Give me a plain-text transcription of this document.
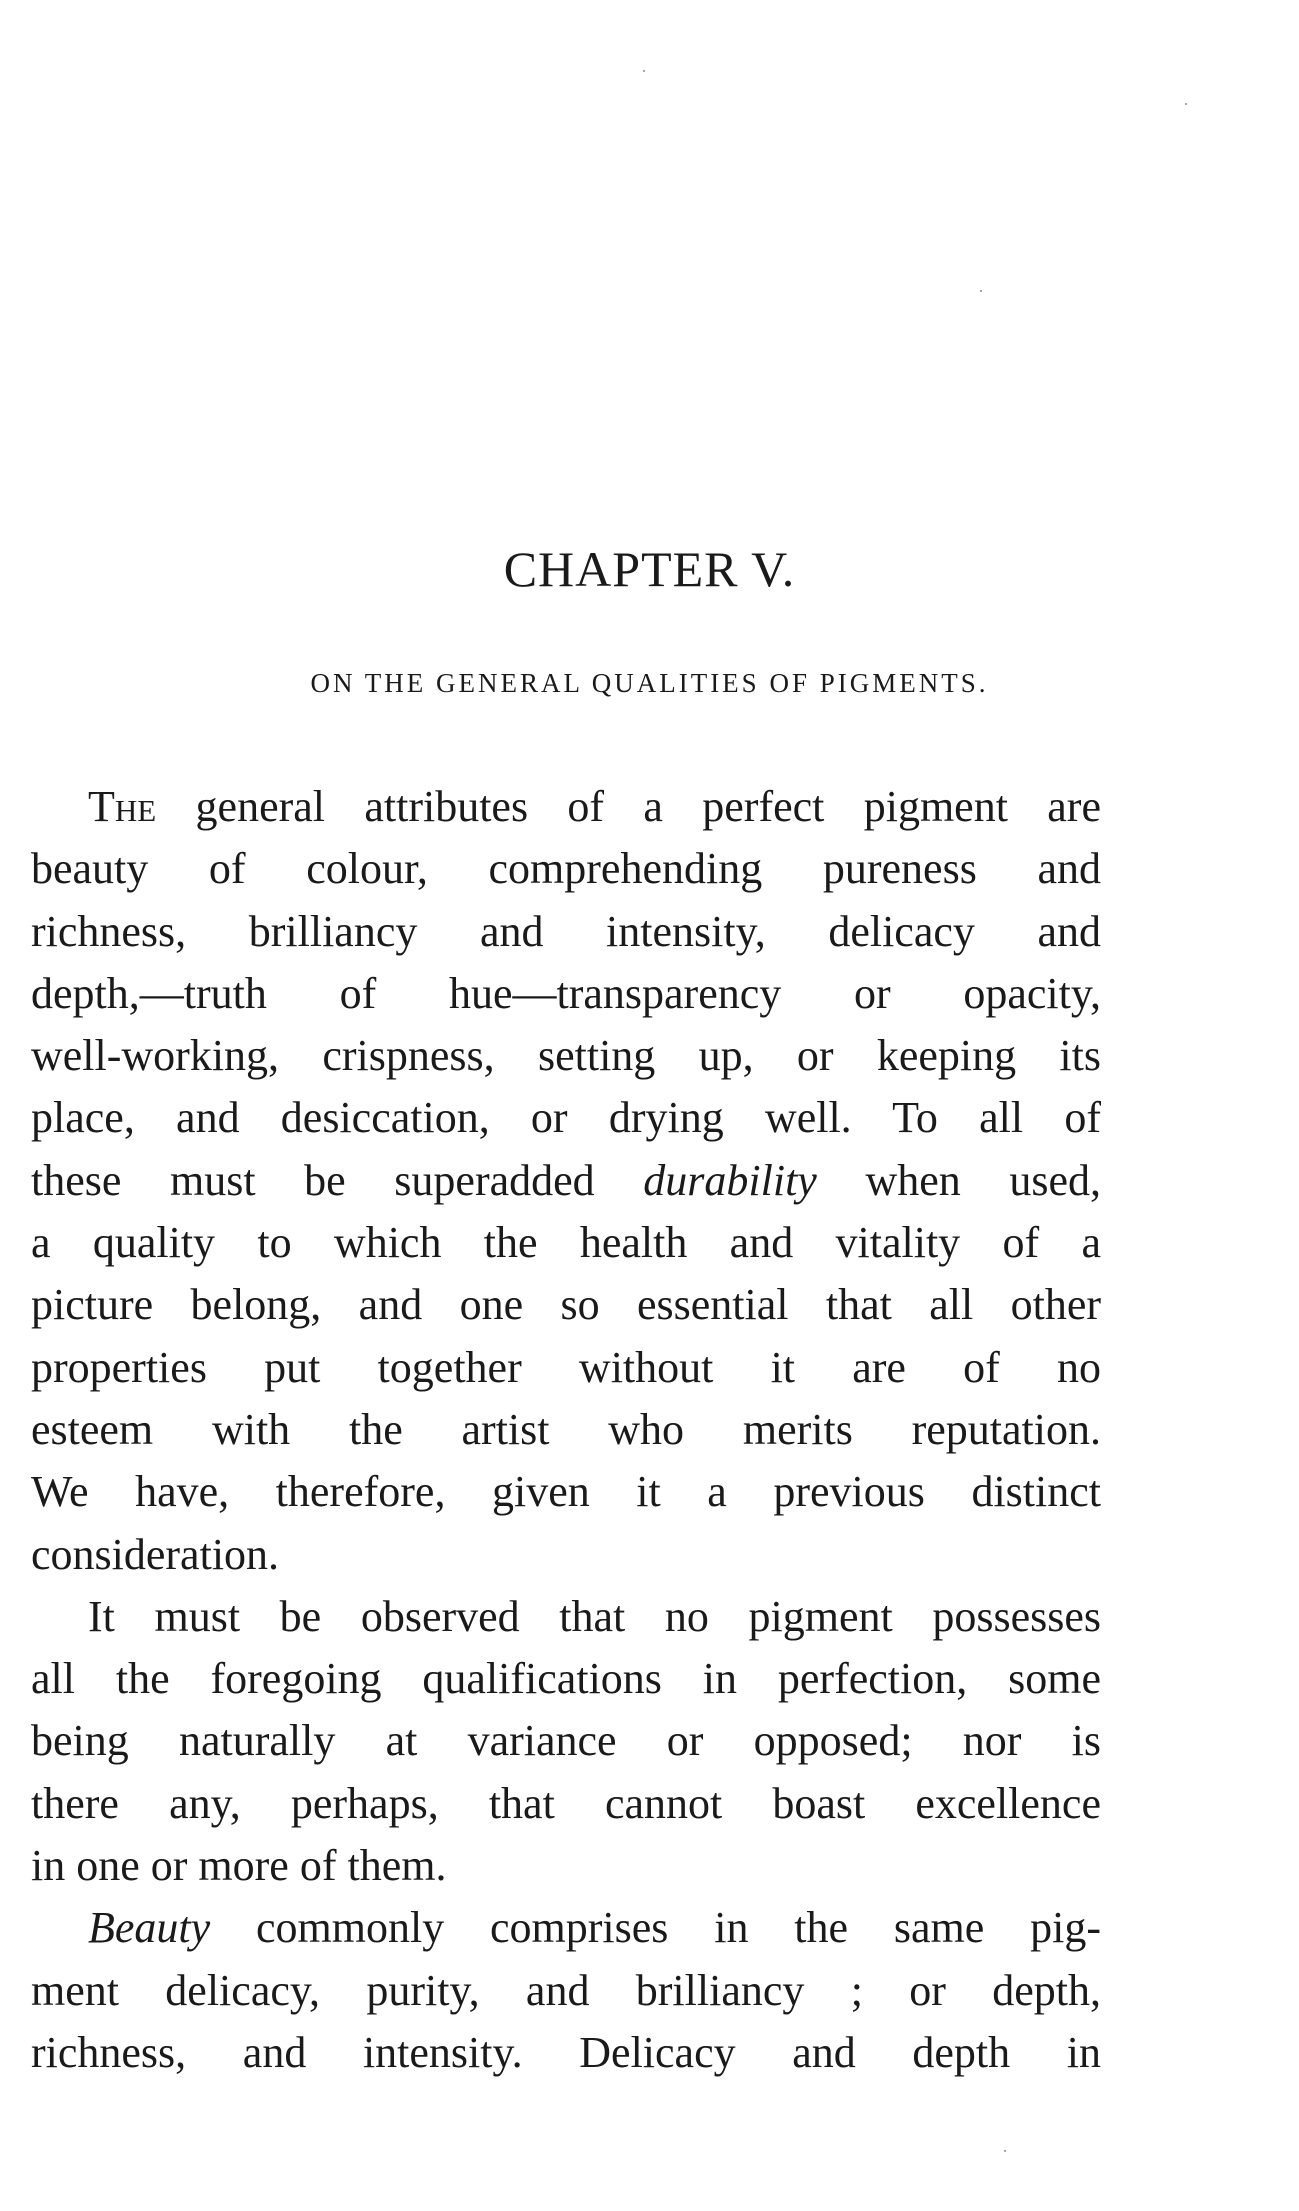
CHAPTER V.
ON THE GENERAL QUALITIES OF PIGMENTS.
The general attributes of a perfect pigment are
beauty of colour, comprehending pureness and
richness, brilliancy and intensity, delicacy and
depth,—truth of hue—transparency or opacity,
well-working, crispness, setting up, or keeping its
place, and desiccation, or drying well. To all of
these must be superadded durability when used,
a quality to which the health and vitality of a
picture belong, and one so essential that all other
properties put together without it are of no
esteem with the artist who merits reputation.
We have, therefore, given it a previous distinct
consideration.
It must be observed that no pigment possesses
all the foregoing qualifications in perfection, some
being naturally at variance or opposed; nor is
there any, perhaps, that cannot boast excellence
in one or more of them.
Beauty commonly comprises in the same pig-
ment delicacy, purity, and brilliancy ; or depth,
richness, and intensity. Delicacy and depth in
